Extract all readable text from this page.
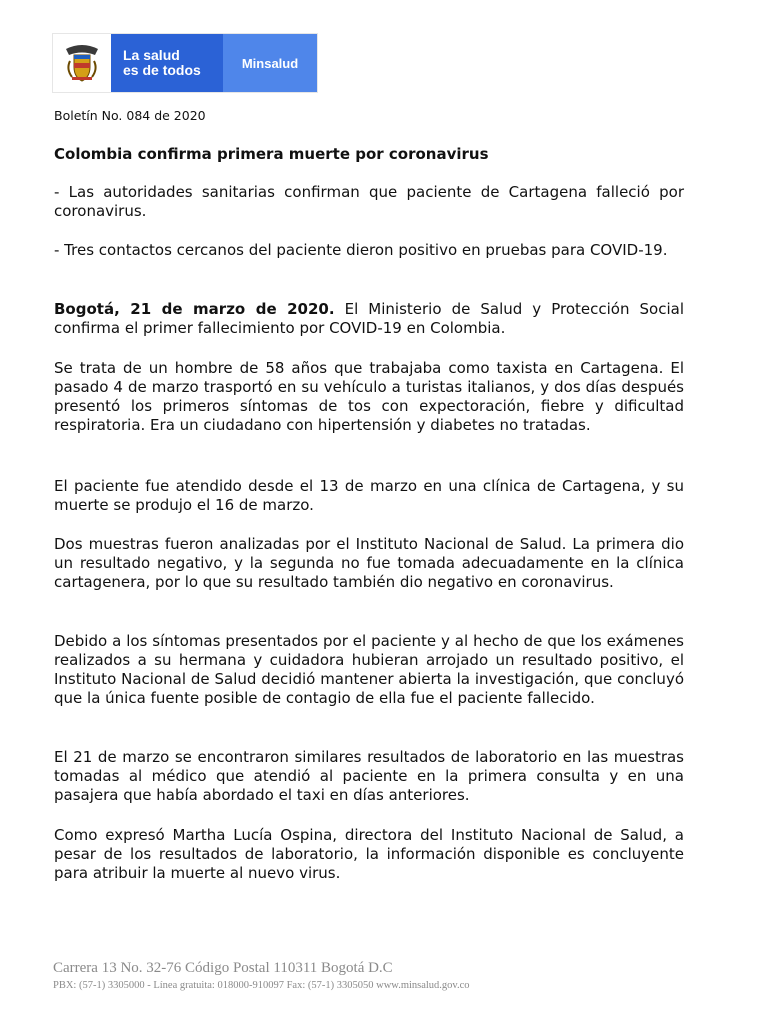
La salud
es de todos	Minsalud

Boletín No. 084 de 2020

Colombia confirma primera muerte por coronavirus

- Las autoridades sanitarias confirman que paciente de Cartagena falleció por coronavirus.

- Tres contactos cercanos del paciente dieron positivo en pruebas para COVID-19.

Bogotá, 21 de marzo de 2020. El Ministerio de Salud y Protección Social confirma el primer fallecimiento por COVID-19 en Colombia.

Se trata de un hombre de 58 años que trabajaba como taxista en Cartagena. El pasado 4 de marzo trasportó en su vehículo a turistas italianos, y dos días después presentó los primeros síntomas de tos con expectoración, fiebre y dificultad respiratoria. Era un ciudadano con hipertensión y diabetes no tratadas.

El paciente fue atendido desde el 13 de marzo en una clínica de Cartagena, y su muerte se produjo el 16 de marzo.

Dos muestras fueron analizadas por el Instituto Nacional de Salud. La primera dio un resultado negativo, y la segunda no fue tomada adecuadamente en la clínica cartagenera, por lo que su resultado también dio negativo en coronavirus.

Debido a los síntomas presentados por el paciente y al hecho de que los exámenes realizados a su hermana y cuidadora hubieran arrojado un resultado positivo, el Instituto Nacional de Salud decidió mantener abierta la investigación, que concluyó que la única fuente posible de contagio de ella fue el paciente fallecido.

El 21 de marzo se encontraron similares resultados de laboratorio en las muestras tomadas al médico que atendió al paciente en la primera consulta y en una pasajera que había abordado el taxi en días anteriores.

Como expresó Martha Lucía Ospina, directora del Instituto Nacional de Salud, a pesar de los resultados de laboratorio, la información disponible es concluyente para atribuir la muerte al nuevo virus.

Carrera 13 No. 32-76 Código Postal 110311 Bogotá D.C
PBX: (57-1) 3305000 - Línea gratuita: 018000-910097 Fax: (57-1) 3305050 www.minsalud.gov.co
